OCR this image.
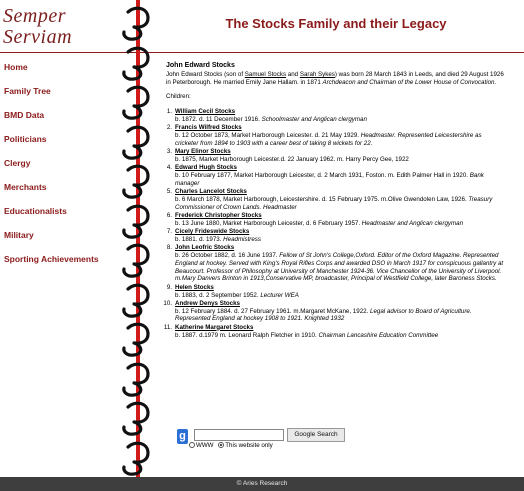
Semper
Serviam
The Stocks Family and their Legacy
Home
Family Tree
BMD Data
Politicians
Clergy
Merchants
Educationalists
Military
Sporting Achievements
John Edward Stocks

John Edward Stocks (son of Samuel Stocks and Sarah Sykes) was born 28 March 1843 in Leeds, and died 29 August 1926 in Peterborough. He married Emily Jane Hallam. in 1871 Archdeacon and Chairman of the Lower House of Convocation.

Children:

1. William Cecil Stocks
b. 1872. d. 11 December 1916. Schoolmaster and Anglican clergyman
2. Francis Wilfred Stocks
b. 12 October 1873, Market Harborough Leicester. d. 21 May 1929. Headmaster. Represented Leicestershire as cricketer from 1894 to 1903 with a career best of taking 8 wickets for 22.
3. Mary Elinor Stocks
b. 1875, Market Harborough Leicester.d. 22 January 1962. m. Harry Percy Gee, 1922
4. Edward Hugh Stocks
b. 10 February 1877, Market Harborough Leicester, d. 2 March 1931, Foston. m. Edith Palmer Hall in 1920. Bank manager
5. Charles Lancelot Stocks
b. 6 March 1878, Market Harborough, Leicestershire. d. 15 February 1975. m.Olive Gwendolen Law, 1926. Treasury Commissioner of Crown Lands. Headmaster
6. Frederick Christopher Stocks
b. 13 June 1880, Market Harborough Leicester, d. 6 February 1957. Headmaster and Anglican clergyman
7. Cicely Frideswide Stocks
b. 1881. d. 1973. Headmistress
8. John Leofric Stocks
b. 26 October 1882, d. 16 June 1937. Fellow of St John's College,Oxford. Editor of the Oxford Magazine. Represented England at hockey. Served with King's Royal Rifles Corps and awarded DSO in March 1917 for conspicuous gallantry at Beaucourt. Professor of Philosophy at University of Manchester 1924-36. Vice Chancellor of the University of Liverpool. m.Mary Danvers Brinton in 1913,Conservative MP, broadcaster, Principal of Westfield College, later Baroness Stocks.
9. Helen Stocks
b. 1883, d. 2 September 1952. Lecturer WEA
10. Andrew Denys Stocks
b. 12 February 1884. d. 27 February 1961. m.Margaret McKane, 1922. Legal advisor to Board of Agriculture. Represented England at hockey 1908 to 1921. Knighted 1932
11. Katherine Margaret Stocks
b. 1887. d.1979 m. Leonard Ralph Fletcher in 1910. Chairman Lancashire Education Committee
g	Google Search
WWW This website only
© Aries Research
